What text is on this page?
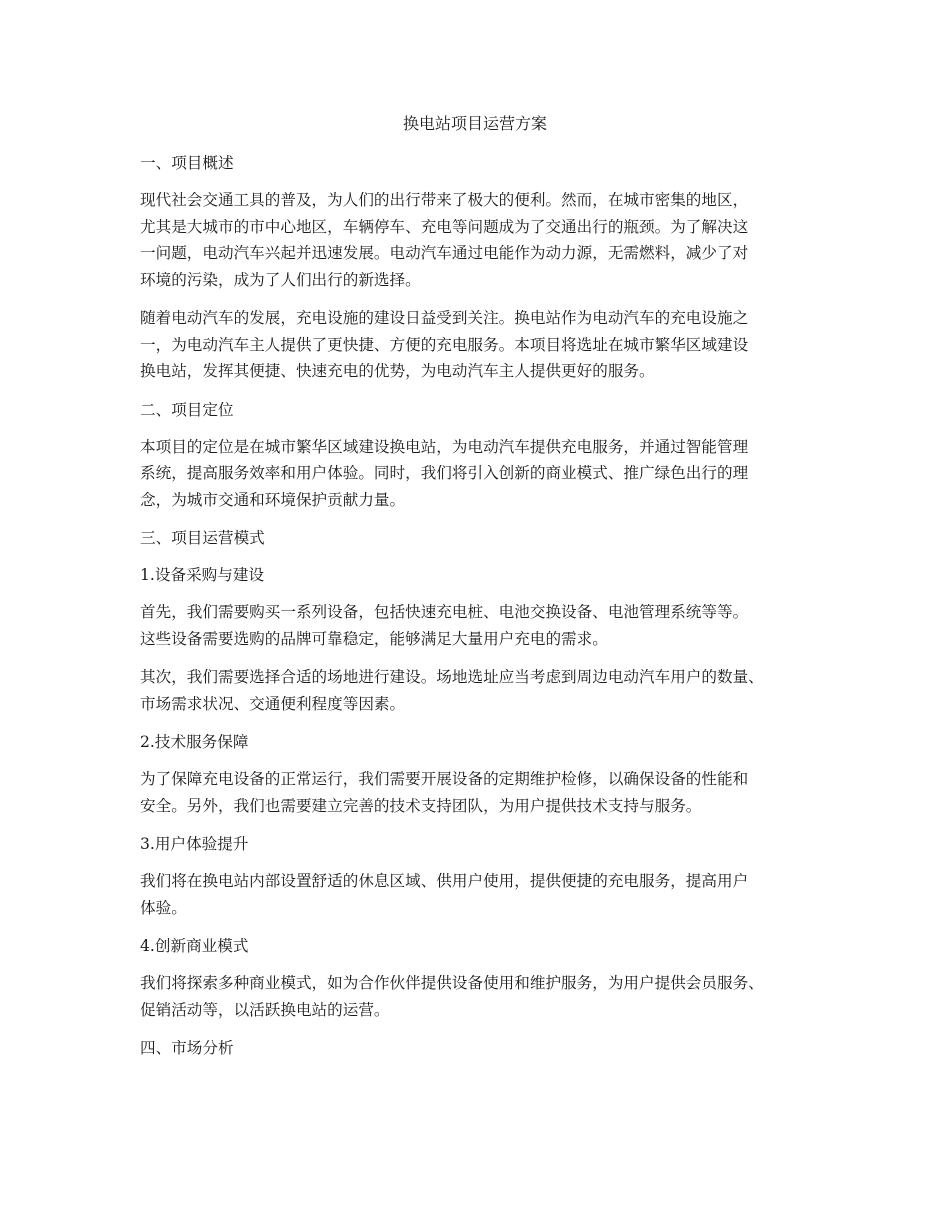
换电站项目运营方案

一、项目概述

现代社会交通工具的普及，为人们的出行带来了极大的便利。然而，在城市密集的地区，
尤其是大城市的市中心地区，车辆停车、充电等问题成为了交通出行的瓶颈。为了解决这
一问题，电动汽车兴起并迅速发展。电动汽车通过电能作为动力源，无需燃料，减少了对
环境的污染，成为了人们出行的新选择。
随着电动汽车的发展，充电设施的建设日益受到关注。换电站作为电动汽车的充电设施之
一，为电动汽车主人提供了更快捷、方便的充电服务。本项目将选址在城市繁华区域建设
换电站，发挥其便捷、快速充电的优势，为电动汽车主人提供更好的服务。

二、项目定位

本项目的定位是在城市繁华区域建设换电站，为电动汽车提供充电服务，并通过智能管理
系统，提高服务效率和用户体验。同时，我们将引入创新的商业模式、推广绿色出行的理
念，为城市交通和环境保护贡献力量。

三、项目运营模式

1.设备采购与建设

首先，我们需要购买一系列设备，包括快速充电桩、电池交换设备、电池管理系统等等。
这些设备需要选购的品牌可靠稳定，能够满足大量用户充电的需求。
其次，我们需要选择合适的场地进行建设。场地选址应当考虑到周边电动汽车用户的数量、
市场需求状况、交通便利程度等因素。

2.技术服务保障

为了保障充电设备的正常运行，我们需要开展设备的定期维护检修，以确保设备的性能和
安全。另外，我们也需要建立完善的技术支持团队，为用户提供技术支持与服务。

3.用户体验提升

我们将在换电站内部设置舒适的休息区域、供用户使用，提供便捷的充电服务，提高用户
体验。

4.创新商业模式

我们将探索多种商业模式，如为合作伙伴提供设备使用和维护服务，为用户提供会员服务、
促销活动等，以活跃换电站的运营。

四、市场分析
